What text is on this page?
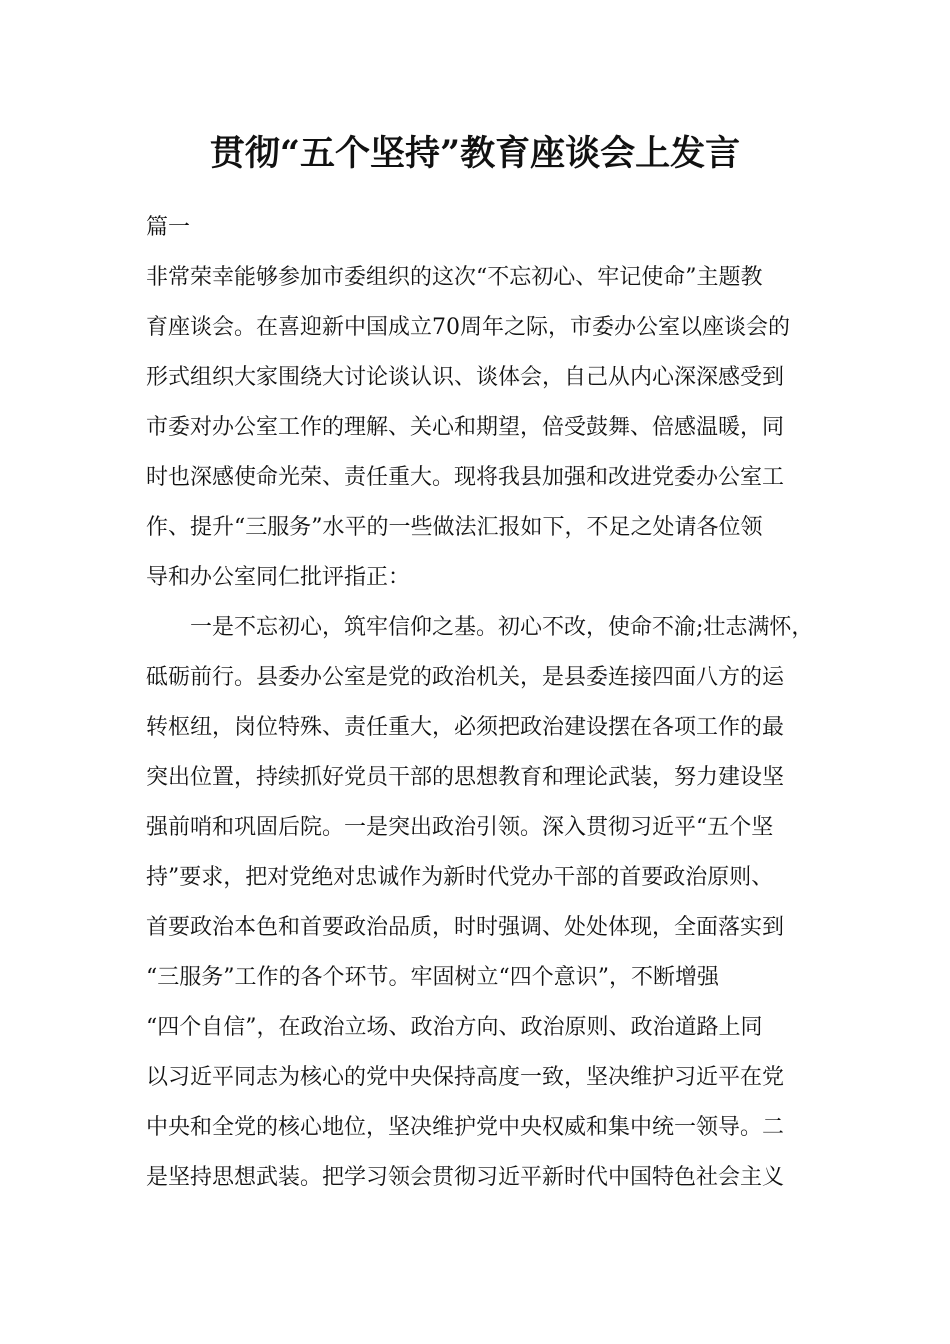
贯彻“五个坚持”教育座谈会上发言
篇一
非常荣幸能够参加市委组织的这次“不忘初心、牢记使命”主题教
育座谈会。在喜迎新中国成立70周年之际，市委办公室以座谈会的
形式组织大家围绕大讨论谈认识、谈体会，自己从内心深深感受到
市委对办公室工作的理解、关心和期望，倍受鼓舞、倍感温暖，同
时也深感使命光荣、责任重大。现将我县加强和改进党委办公室工
作、提升“三服务”水平的一些做法汇报如下，不足之处请各位领
导和办公室同仁批评指正：
一是不忘初心，筑牢信仰之基。初心不改，使命不渝;壮志满怀，
砥砺前行。县委办公室是党的政治机关，是县委连接四面八方的运
转枢纽，岗位特殊、责任重大，必须把政治建设摆在各项工作的最
突出位置，持续抓好党员干部的思想教育和理论武装，努力建设坚
强前哨和巩固后院。一是突出政治引领。深入贯彻习近平“五个坚
持”要求，把对党绝对忠诚作为新时代党办干部的首要政治原则、
首要政治本色和首要政治品质，时时强调、处处体现，全面落实到
“三服务”工作的各个环节。牢固树立“四个意识”，不断增强
“四个自信”，在政治立场、政治方向、政治原则、政治道路上同
以习近平同志为核心的党中央保持高度一致，坚决维护习近平在党
中央和全党的核心地位，坚决维护党中央权威和集中统一领导。二
是坚持思想武装。把学习领会贯彻习近平新时代中国特色社会主义
